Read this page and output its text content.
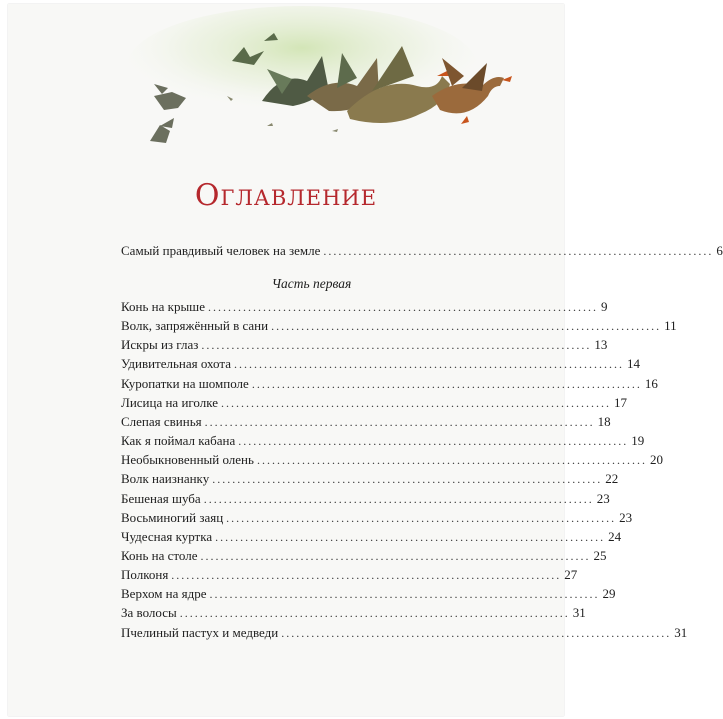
Оглавление
Самый правдивый человек на земле .............................................................................. 6
Часть первая
Конь на крыше .............................................................................. 9
Волк, запряжённый в сани .............................................................................. 11
Искры из глаз .............................................................................. 13
Удивительная охота .............................................................................. 14
Куропатки на шомполе .............................................................................. 16
Лисица на иголке .............................................................................. 17
Слепая свинья .............................................................................. 18
Как я поймал кабана .............................................................................. 19
Необыкновенный олень .............................................................................. 20
Волк наизнанку .............................................................................. 22
Бешеная шуба .............................................................................. 23
Восьминогий заяц .............................................................................. 23
Чудесная куртка .............................................................................. 24
Конь на столе .............................................................................. 25
Полконя .............................................................................. 27
Верхом на ядре .............................................................................. 29
За волосы .............................................................................. 31
Пчелиный пастух и медведи .............................................................................. 31
